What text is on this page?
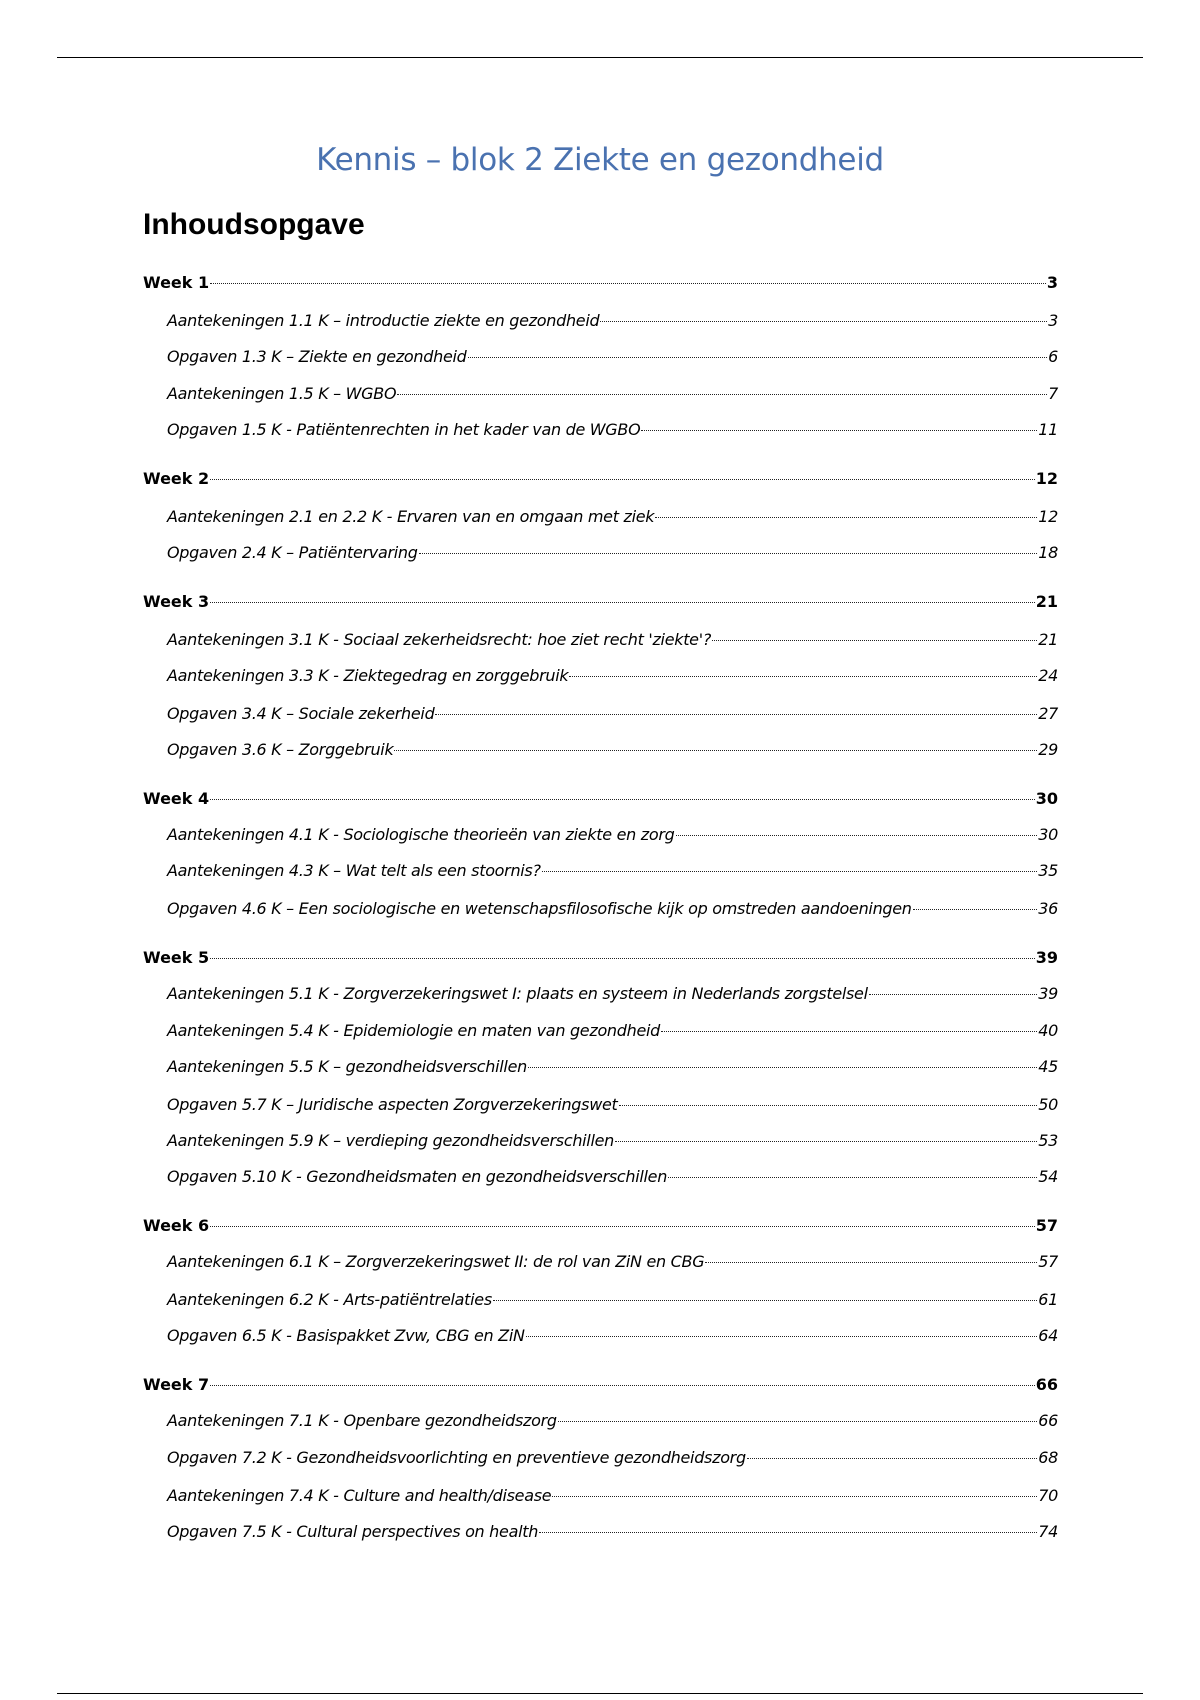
Kennis – blok 2 Ziekte en gezondheid
Inhoudsopgave
Week 1	3
Aantekeningen 1.1 K – introductie ziekte en gezondheid	3
Opgaven 1.3 K – Ziekte en gezondheid	6
Aantekeningen 1.5 K – WGBO	7
Opgaven 1.5 K - Patiëntenrechten in het kader van de WGBO	11
Week 2	12
Aantekeningen 2.1 en 2.2 K - Ervaren van en omgaan met ziek	12
Opgaven 2.4 K – Patiëntervaring	18
Week 3	21
Aantekeningen 3.1 K - Sociaal zekerheidsrecht: hoe ziet recht 'ziekte'?	21
Aantekeningen 3.3 K - Ziektegedrag en zorggebruik	24
Opgaven 3.4 K – Sociale zekerheid	27
Opgaven 3.6 K – Zorggebruik	29
Week 4	30
Aantekeningen 4.1 K - Sociologische theorieën van ziekte en zorg	30
Aantekeningen 4.3 K – Wat telt als een stoornis?	35
Opgaven 4.6 K – Een sociologische en wetenschapsfilosofische kijk op omstreden aandoeningen	36
Week 5	39
Aantekeningen 5.1 K - Zorgverzekeringswet I: plaats en systeem in Nederlands zorgstelsel	39
Aantekeningen 5.4 K - Epidemiologie en maten van gezondheid	40
Aantekeningen 5.5 K – gezondheidsverschillen	45
Opgaven 5.7 K – Juridische aspecten Zorgverzekeringswet	50
Aantekeningen 5.9 K – verdieping gezondheidsverschillen	53
Opgaven 5.10 K - Gezondheidsmaten en gezondheidsverschillen	54
Week 6	57
Aantekeningen 6.1 K – Zorgverzekeringswet II: de rol van ZiN en CBG	57
Aantekeningen 6.2 K - Arts-patiëntrelaties	61
Opgaven 6.5 K - Basispakket Zvw, CBG en ZiN	64
Week 7	66
Aantekeningen 7.1 K - Openbare gezondheidszorg	66
Opgaven 7.2 K - Gezondheidsvoorlichting en preventieve gezondheidszorg	68
Aantekeningen 7.4 K - Culture and health/disease	70
Opgaven 7.5 K - Cultural perspectives on health	74
